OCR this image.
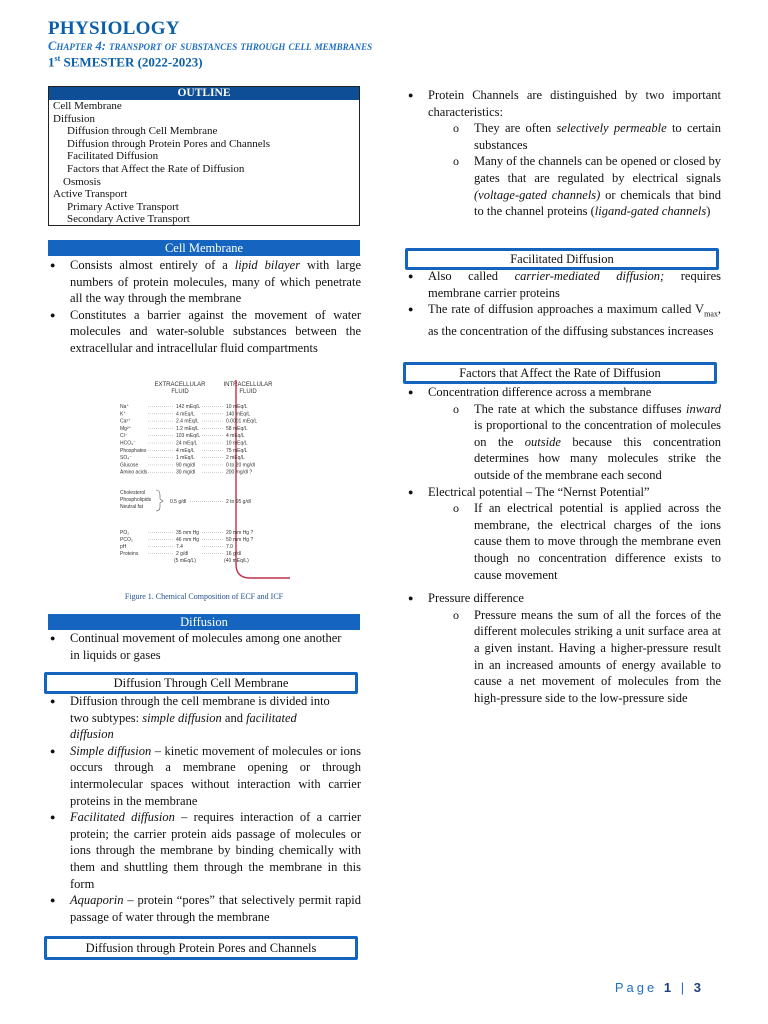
PHYSIOLOGY
Chapter 4: transport of substances through cell membranes
1st SEMESTER (2022-2023)
OUTLINE
Cell Membrane
Diffusion
Diffusion through Cell Membrane
Diffusion through Protein Pores and Channels
Facilitated Diffusion
Factors that Affect the Rate of Diffusion
Osmosis
Active Transport
Primary Active Transport
Secondary Active Transport
Cell Membrane
● Consists almost entirely of a lipid bilayer with large numbers of protein molecules, many of which penetrate all the way through the membrane
● Constitutes a barrier against the movement of water molecules and water-soluble substances between the extracellular and intracellular fluid compartments
EXTRACELLULAR
FLUID
INTRACELLULAR
FLUID
Na⁺	142 mEq/L	10 mEq/L
K⁺	4 mEq/L	140 mEq/L
Ca²⁺	2.4 mEq/L	0.0001 mEq/L
Mg²⁺	1.2 mEq/L	58 mEq/L
Cl⁻	103 mEq/L	4 mEq/L
HCO₃⁻	24 mEq/L	10 mEq/L
Phosphates	4 mEq/L	75 mEq/L
SO₄⁻	1 mEq/L	2 mEq/L
Glucose	90 mg/dl	0 to 20 mg/dl
Amino acids	30 mg/dl	200 mg/dl ?
PO₂	35 mm Hg	20 mm Hg ?
PCO₂	46 mm Hg	50 mm Hg ?
pH	7.4	7.0
Proteins	2 g/dl	16 g/dl
Cholesterol
Phospholipids
Neutral fat
0.5 g/dl	2 to 95 g/dl
(5 mEq/L)	(40 mEq/L)
Figure 1. Chemical Composition of ECF and ICF
Diffusion
● Continual movement of molecules among one another in liquids or gases
Diffusion Through Cell Membrane
● Diffusion through the cell membrane is divided into two subtypes: simple diffusion and facilitated diffusion
● Simple diffusion – kinetic movement of molecules or ions occurs through a membrane opening or through intermolecular spaces without interaction with carrier proteins in the membrane
● Facilitated diffusion – requires interaction of a carrier protein; the carrier protein aids passage of molecules or ions through the membrane by binding chemically with them and shuttling them through the membrane in this form
● Aquaporin – protein “pores” that selectively permit rapid passage of water through the membrane
Diffusion through Protein Pores and Channels
● Protein Channels are distinguished by two important characteristics:
o They are often selectively permeable to certain substances
o Many of the channels can be opened or closed by gates that are regulated by electrical signals (voltage-gated channels) or chemicals that bind to the channel proteins (ligand-gated channels)
Facilitated Diffusion
● Also called carrier-mediated diffusion; requires membrane carrier proteins
● The rate of diffusion approaches a maximum called $V_{max}$, as the concentration of the diffusing substances increases
Factors that Affect the Rate of Diffusion
● Concentration difference across a membrane
o The rate at which the substance diffuses inward is proportional to the concentration of molecules on the outside because this concentration determines how many molecules strike the outside of the membrane each second
● Electrical potential – The “Nernst Potential”
o If an electrical potential is applied across the membrane, the electrical charges of the ions cause them to move through the membrane even though no concentration difference exists to cause movement
● Pressure difference
o Pressure means the sum of all the forces of the different molecules striking a unit surface area at a given instant. Having a higher-pressure result in an increased amounts of energy available to cause a net movement of molecules from the high-pressure side to the low-pressure side
Page 1 | 3
